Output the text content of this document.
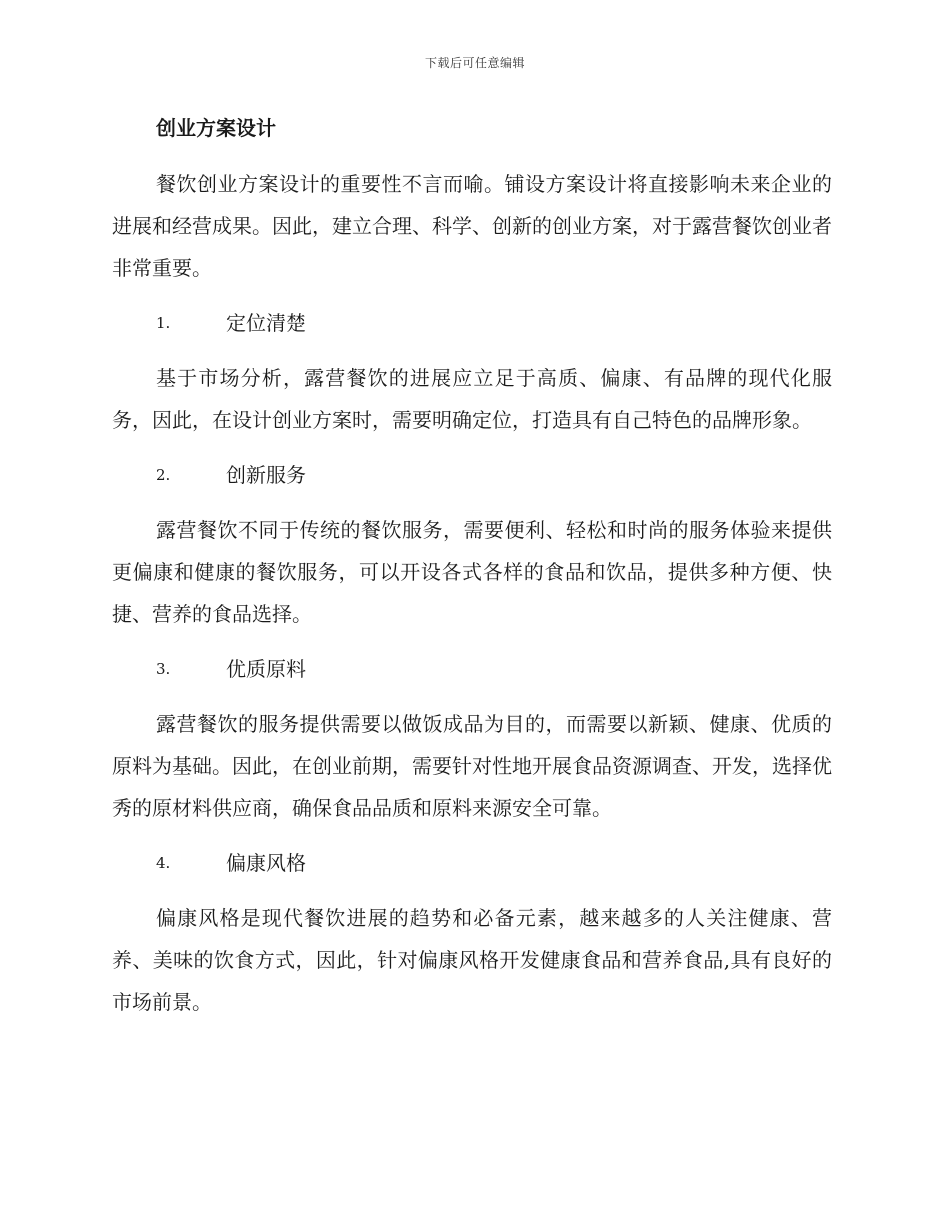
下载后可任意编辑
创业方案设计

餐饮创业方案设计的重要性不言而喻。铺设方案设计将直接影响未来企业的进展和经营成果。因此，建立合理、科学、创新的创业方案，对于露营餐饮创业者非常重要。

1.	定位清楚

基于市场分析，露营餐饮的进展应立足于高质、偏康、有品牌的现代化服务，因此，在设计创业方案时，需要明确定位，打造具有自己特色的品牌形象。

2.	创新服务

露营餐饮不同于传统的餐饮服务，需要便利、轻松和时尚的服务体验来提供更偏康和健康的餐饮服务，可以开设各式各样的食品和饮品，提供多种方便、快捷、营养的食品选择。

3.	优质原料

露营餐饮的服务提供需要以做饭成品为目的，而需要以新颖、健康、优质的原料为基础。因此，在创业前期，需要针对性地开展食品资源调查、开发，选择优秀的原材料供应商，确保食品品质和原料来源安全可靠。

4.	偏康风格

偏康风格是现代餐饮进展的趋势和必备元素，越来越多的人关注健康、营养、美味的饮食方式，因此，针对偏康风格开发健康食品和营养食品,具有良好的市场前景。
